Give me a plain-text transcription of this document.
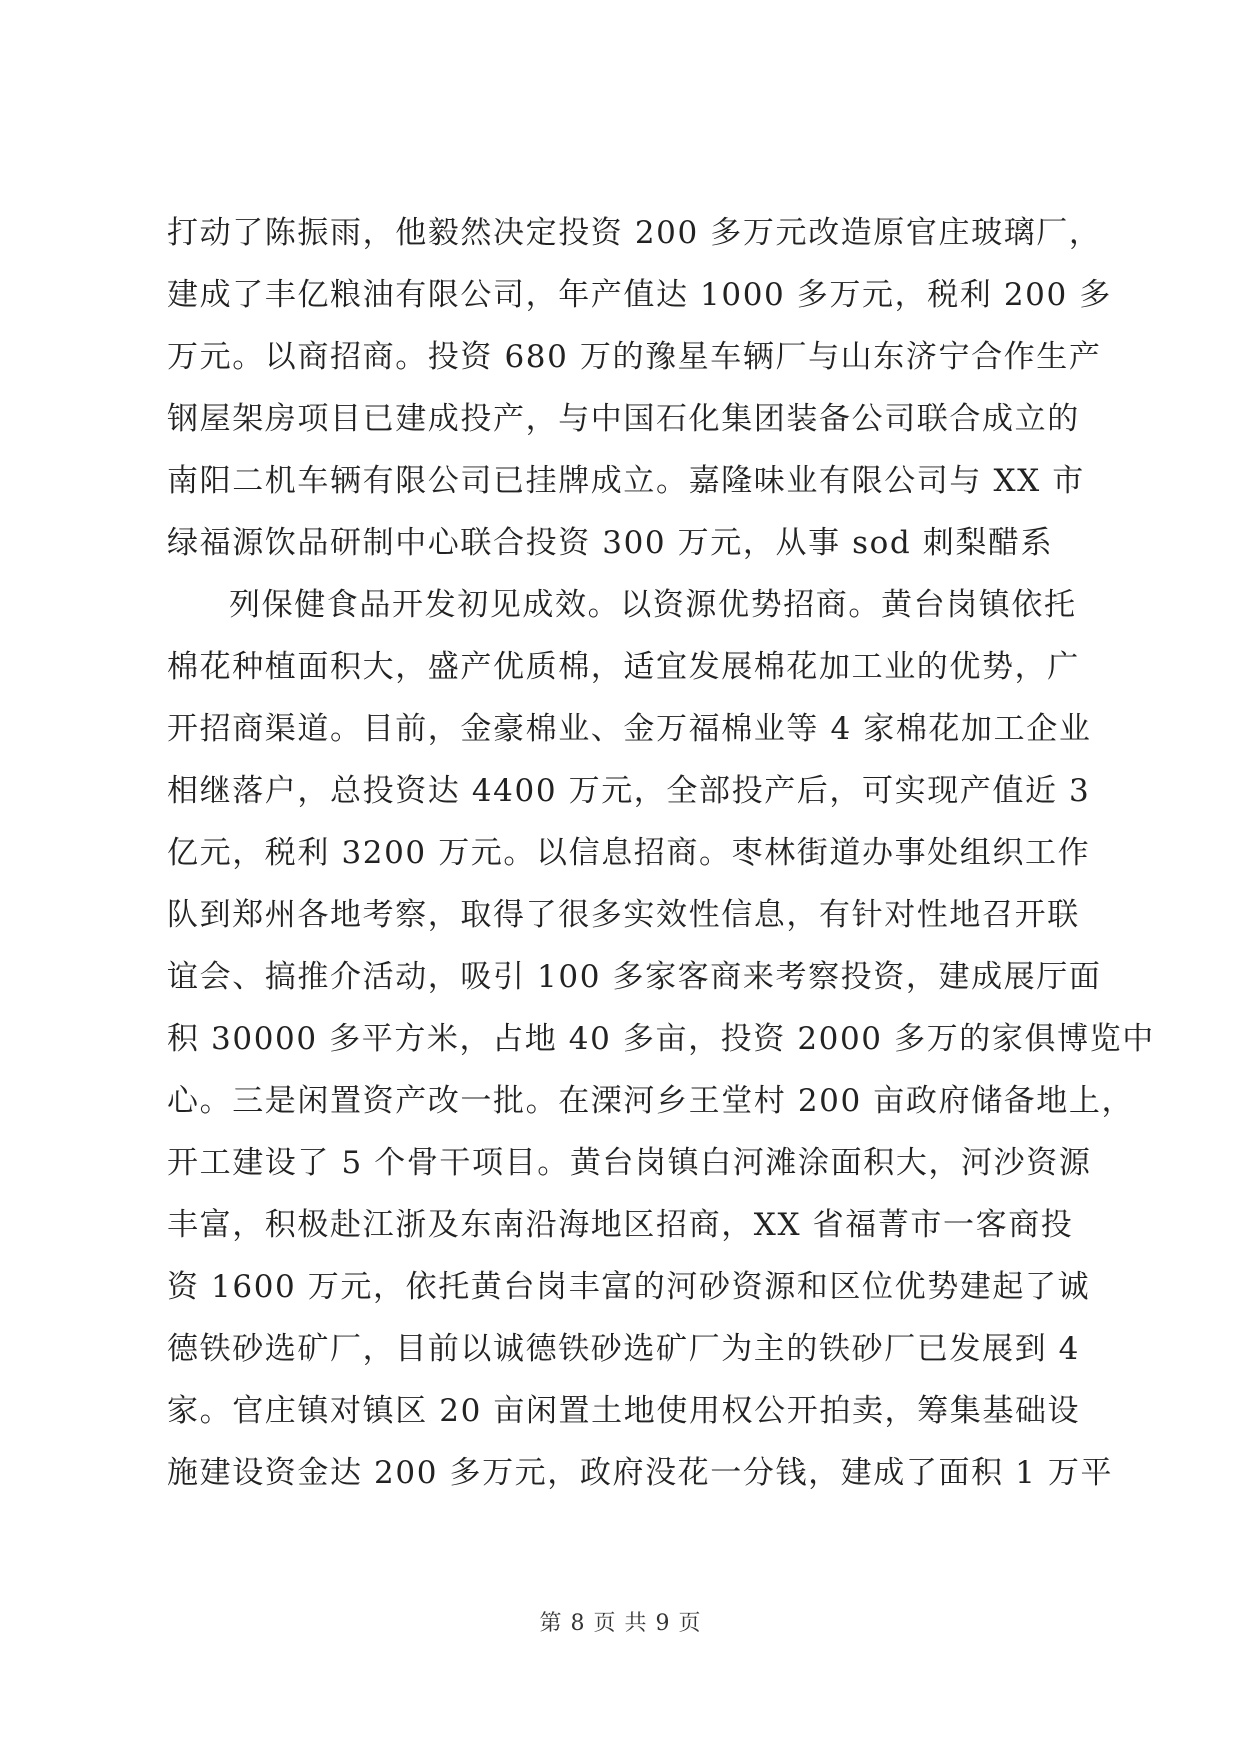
打动了陈振雨，他毅然决定投资 200 多万元改造原官庄玻璃厂，
建成了丰亿粮油有限公司，年产值达 1000 多万元，税利 200 多
万元。以商招商。投资 680 万的豫星车辆厂与山东济宁合作生产
钢屋架房项目已建成投产，与中国石化集团装备公司联合成立的
南阳二机车辆有限公司已挂牌成立。嘉隆味业有限公司与 XX 市
绿福源饮品研制中心联合投资 300 万元，从事 sod 刺梨醋系
列保健食品开发初见成效。以资源优势招商。黄台岗镇依托
棉花种植面积大，盛产优质棉，适宜发展棉花加工业的优势，广
开招商渠道。目前，金豪棉业、金万福棉业等 4 家棉花加工企业
相继落户，总投资达 4400 万元，全部投产后，可实现产值近 3
亿元，税利 3200 万元。以信息招商。枣林街道办事处组织工作
队到郑州各地考察，取得了很多实效性信息，有针对性地召开联
谊会、搞推介活动，吸引 100 多家客商来考察投资，建成展厅面
积 30000 多平方米，占地 40 多亩，投资 2000 多万的家俱博览中
心。三是闲置资产改一批。在溧河乡王堂村 200 亩政府储备地上，
开工建设了 5 个骨干项目。黄台岗镇白河滩涂面积大，河沙资源
丰富，积极赴江浙及东南沿海地区招商，XX 省福菁市一客商投
资 1600 万元，依托黄台岗丰富的河砂资源和区位优势建起了诚
德铁砂选矿厂，目前以诚德铁砂选矿厂为主的铁砂厂已发展到 4
家。官庄镇对镇区 20 亩闲置土地使用权公开拍卖，筹集基础设
施建设资金达 200 多万元，政府没花一分钱，建成了面积 1 万平
第 8 页 共 9 页
